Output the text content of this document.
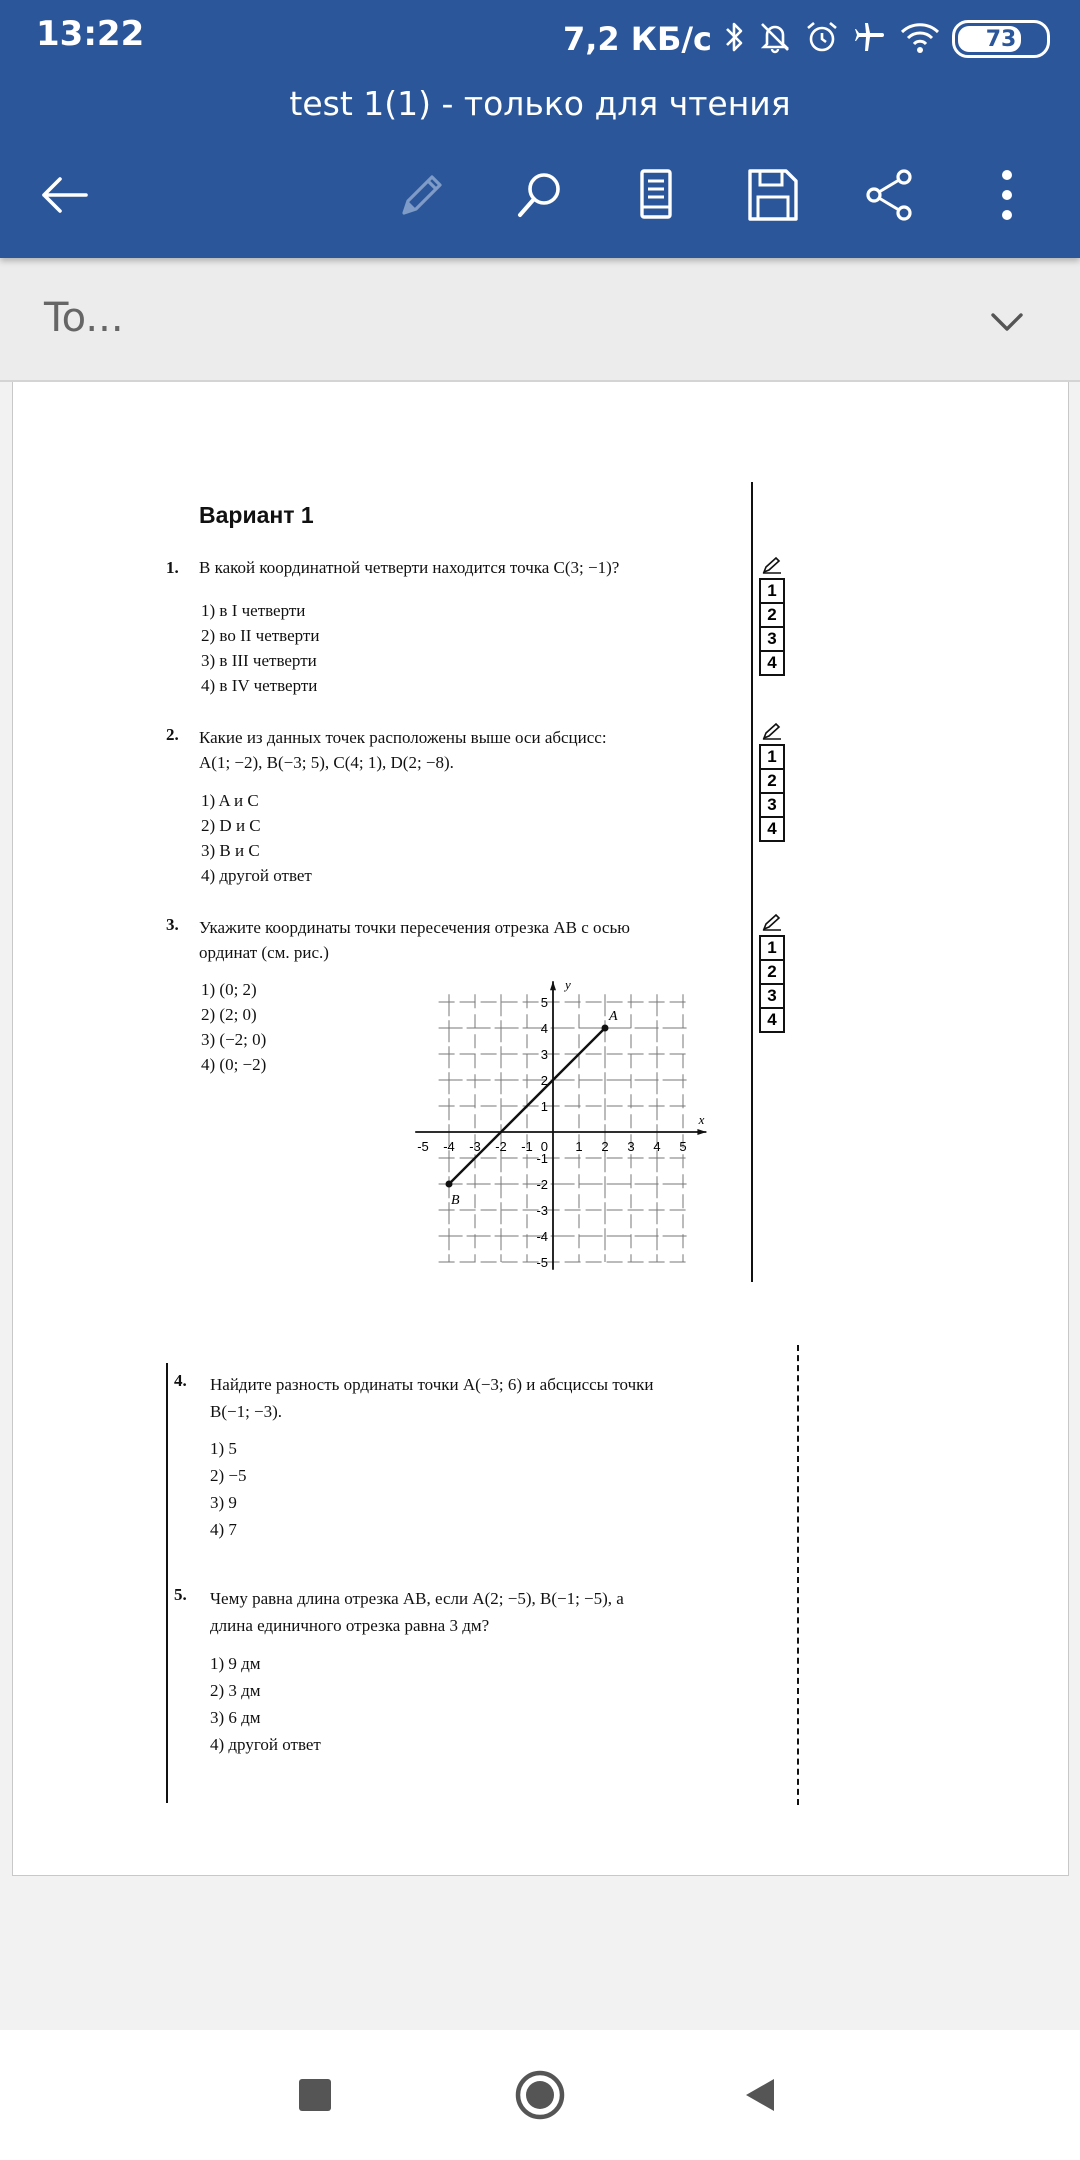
13:22	7,2 КБ/с	73
test 1(1) - только для чтения
To...
Вариант 1
1. В какой координатной четверти находится точка C(3; −1)?
1) в I четверти
2) во II четверти
3) в III четверти
4) в IV четверти
2. Какие из данных точек расположены выше оси абсцисс:
A(1; −2), B(−3; 5), C(4; 1), D(2; −8).
1) A и C
2) D и C
3) B и C
4) другой ответ
3. Укажите координаты точки пересечения отрезка AB с осью
ординат (см. рис.)
1) (0; 2)
2) (2; 0)
3) (−2; 0)
4) (0; −2)
1
2
3
4
1
2
3
4
1
2
3
4
x
y
-5 -4 -3 -2 -1	1 2 3 4 5
5
4
3
2
1
-1
-2
-3
-4
-5
0
A
B
4. Найдите разность ординаты точки A(−3; 6) и абсциссы точки
B(−1; −3).
1) 5
2) −5
3) 9
4) 7
5. Чему равна длина отрезка AB, если A(2; −5), B(−1; −5), а
длина единичного отрезка равна 3 дм?
1) 9 дм
2) 3 дм
3) 6 дм
4) другой ответ
